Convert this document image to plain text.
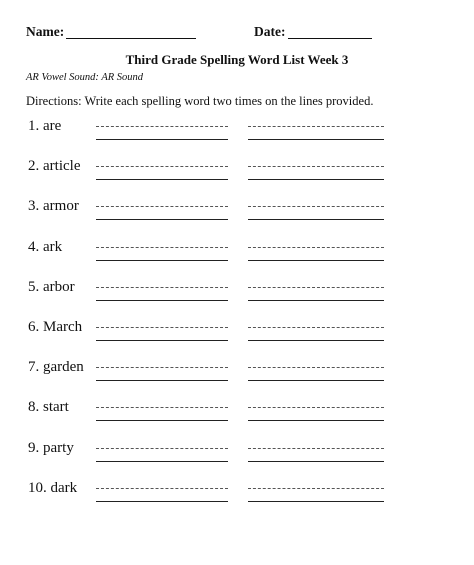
Name:	Date:
Third Grade Spelling Word List Week 3
AR Vowel Sound: AR Sound
Directions: Write each spelling word two times on the lines provided.
1. are
2. article
3. armor
4. ark
5. arbor
6. March
7. garden
8. start
9. party
10. dark
